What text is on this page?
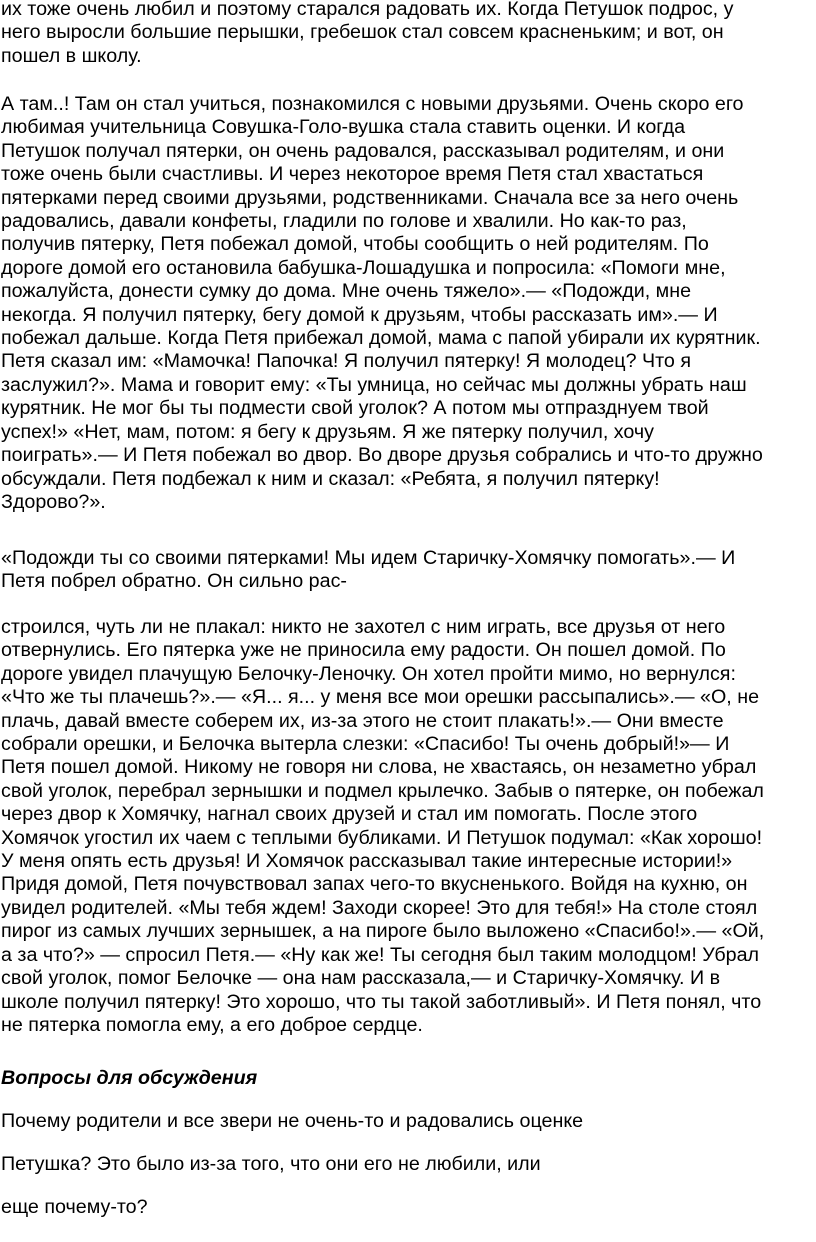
их тоже очень любил и поэтому старался радовать их. Когда Петушок подрос, у
него выросли большие перышки, гребешок стал совсем красненьким; и вот, он
пошел в школу.

А там..! Там он стал учиться, познакомился с новыми друзьями. Очень скоро его
любимая учительница Совушка-Голо-вушка стала ставить оценки. И когда
Петушок получал пятерки, он очень радовался, рассказывал родителям, и они
тоже очень были счастливы. И через некоторое время Петя стал хвастаться
пятерками перед своими друзьями, родственниками. Сначала все за него очень
радовались, давали конфеты, гладили по голове и хвалили. Но как-то раз,
получив пятерку, Петя побежал домой, чтобы сообщить о ней родителям. По
дороге домой его остановила бабушка-Лошадушка и попросила: «Помоги мне,
пожалуйста, донести сумку до дома. Мне очень тяжело».— «Подожди, мне
некогда. Я получил пятерку, бегу домой к друзьям, чтобы рассказать им».— И
побежал дальше. Когда Петя прибежал домой, мама с папой убирали их курятник.
Петя сказал им: «Мамочка! Папочка! Я получил пятерку! Я молодец? Что я
заслужил?». Мама и говорит ему: «Ты умница, но сейчас мы должны убрать наш
курятник. Не мог бы ты подмести свой уголок? А потом мы отпразднуем твой
успех!» «Нет, мам, потом: я бегу к друзьям. Я же пятерку получил, хочу
поиграть».— И Петя побежал во двор. Во дворе друзья собрались и что-то дружно
обсуждали. Петя подбежал к ним и сказал: «Ребята, я получил пятерку!
Здорово?».

«Подожди ты со своими пятерками! Мы идем Старичку-Хомячку помогать».— И
Петя побрел обратно. Он сильно рас-

строился, чуть ли не плакал: никто не захотел с ним играть, все друзья от него
отвернулись. Его пятерка уже не приносила ему радости. Он пошел домой. По
дороге увидел плачущую Белочку-Леночку. Он хотел пройти мимо, но вернулся:
«Что же ты плачешь?».— «Я... я... у меня все мои орешки рассыпались».— «О, не
плачь, давай вместе соберем их, из-за этого не стоит плакать!».— Они вместе
собрали орешки, и Белочка вытерла слезки: «Спасибо! Ты очень добрый!»— И
Петя пошел домой. Никому не говоря ни слова, не хвастаясь, он незаметно убрал
свой уголок, перебрал зернышки и подмел крылечко. Забыв о пятерке, он побежал
через двор к Хомячку, нагнал своих друзей и стал им помогать. После этого
Хомячок угостил их чаем с теплыми бубликами. И Петушок подумал: «Как хорошо!
У меня опять есть друзья! И Хомячок рассказывал такие интересные истории!»
Придя домой, Петя почувствовал запах чего-то вкусненького. Войдя на кухню, он
увидел родителей. «Мы тебя ждем! Заходи скорее! Это для тебя!» На столе стоял
пирог из самых лучших зернышек, а на пироге было выложено «Спасибо!».— «Ой,
а за что?» — спросил Петя.— «Ну как же! Ты сегодня был таким молодцом! Убрал
свой уголок, помог Белочке — она нам рассказала,— и Старичку-Хомячку. И в
школе получил пятерку! Это хорошо, что ты такой заботливый». И Петя понял, что
не пятерка помогла ему, а его доброе сердце.

Вопросы для обсуждения

Почему родители и все звери не очень-то и радовались оценке

Петушка? Это было из-за того, что они его не любили, или

еще почему-то?
